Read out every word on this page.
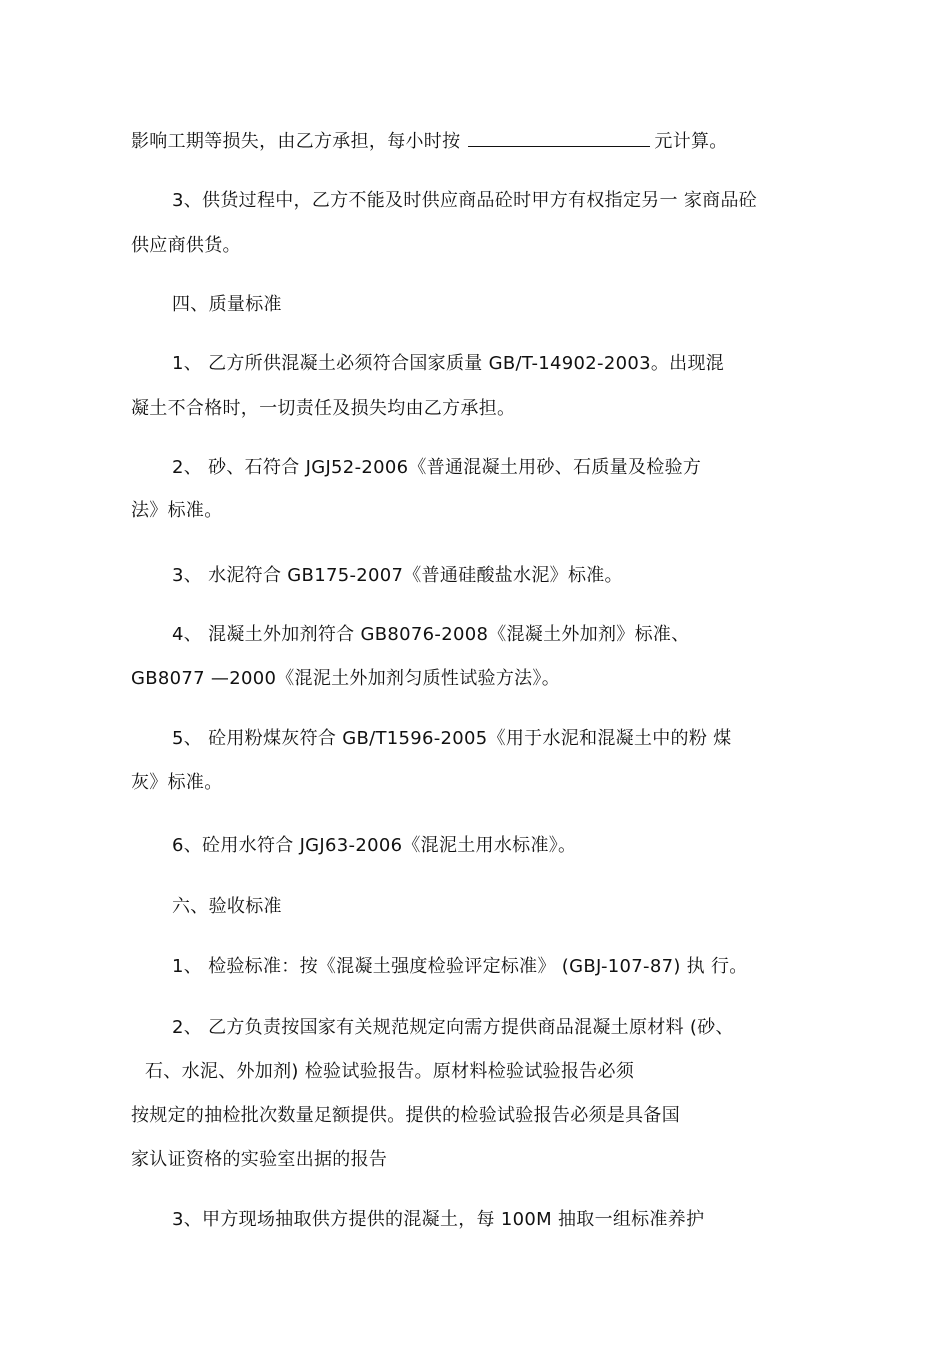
影响工期等损失，由乙方承担，每小时按	元计算。
3、供货过程中，乙方不能及时供应商品砼时甲方有权指定另一 家商品砼
供应商供货。
四、质量标准
1、 乙方所供混凝土必须符合国家质量 GB/T-14902-2003。出现混
凝土不合格时，一切责任及损失均由乙方承担。
2、 砂、石符合 JGJ52-2006《普通混凝土用砂、石质量及检验方
法》标准。
3、 水泥符合 GB175-2007《普通硅酸盐水泥》标准。
4、 混凝土外加剂符合 GB8076-2008《混凝土外加剂》标准、
GB8077 —2000《混泥土外加剂匀质性试验方法》。
5、 砼用粉煤灰符合 GB/T1596-2005《用于水泥和混凝土中的粉 煤
灰》标准。
6、砼用水符合 JGJ63-2006《混泥土用水标准》。
六、验收标准
1、 检验标准：按《混凝土强度检验评定标准》 (GBJ-107-87) 执 行。
2、 乙方负责按国家有关规范规定向需方提供商品混凝土原材料 (砂、
石、水泥、外加剂) 检验试验报告。原材料检验试验报告必须
按规定的抽检批次数量足额提供。提供的检验试验报告必须是具备国
家认证资格的实验室出据的报告
3、甲方现场抽取供方提供的混凝土，每 100M 抽取一组标准养护
